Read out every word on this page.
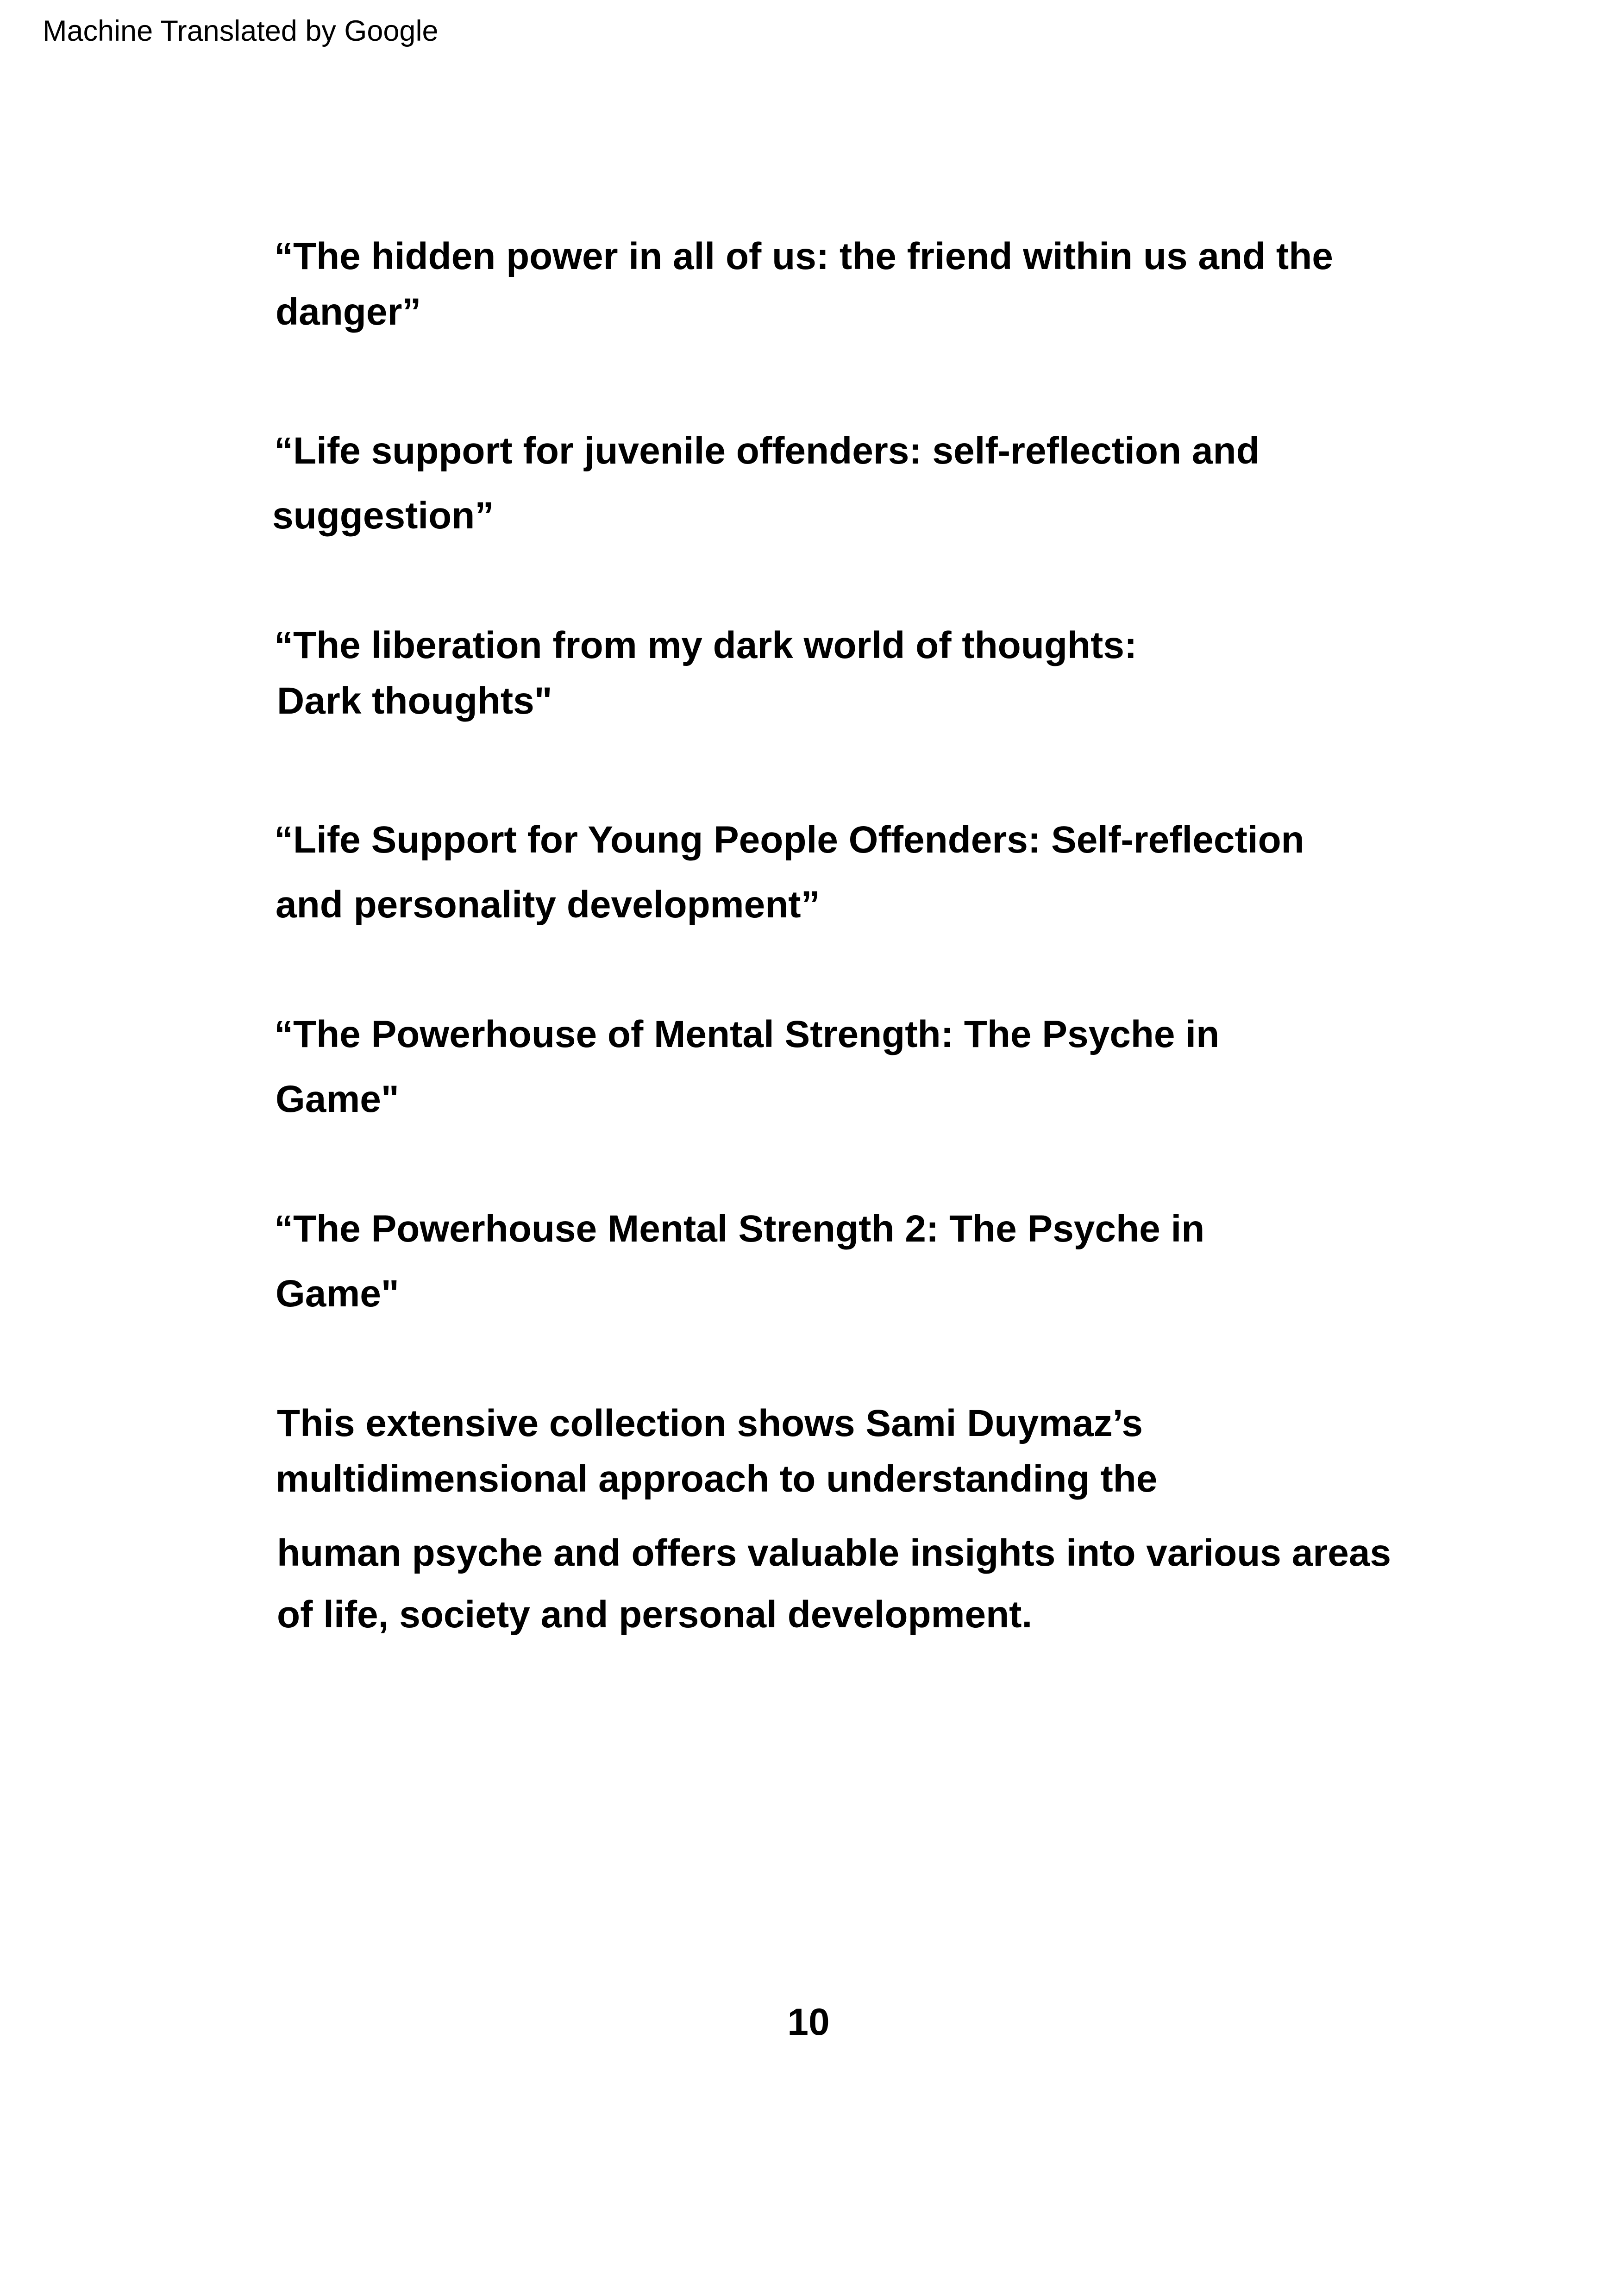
Machine Translated by Google
“The hidden power in all of us: the friend within us and the
danger”
“Life support for juvenile offenders: self-reflection and
suggestion”
“The liberation from my dark world of thoughts:
Dark thoughts"
“Life Support for Young People Offenders: Self-reflection
and personality development”
“The Powerhouse of Mental Strength: The Psyche in
Game"
“The Powerhouse Mental Strength 2: The Psyche in
Game"
This extensive collection shows Sami Duymaz’s
multidimensional approach to understanding the
human psyche and offers valuable insights into various areas
of life, society and personal development.
10
